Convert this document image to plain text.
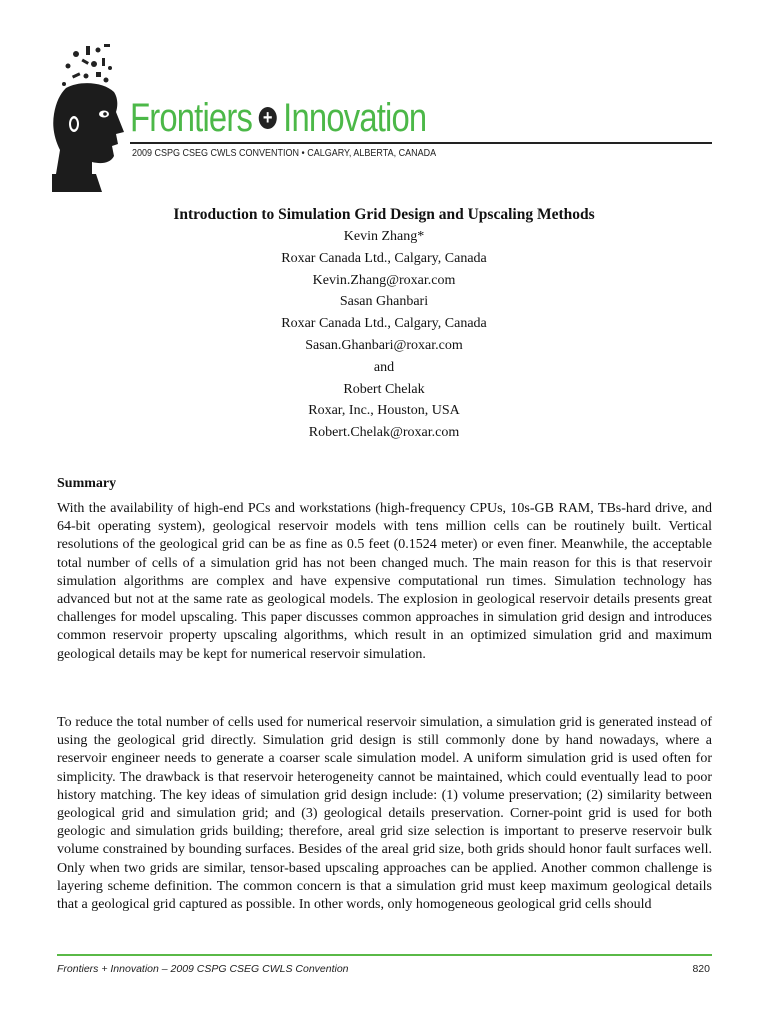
Frontiers + Innovation
2009 CSPG CSEG CWLS CONVENTION • CALGARY, ALBERTA, CANADA
Introduction to Simulation Grid Design and Upscaling Methods
Kevin Zhang*
Roxar Canada Ltd., Calgary, Canada
Kevin.Zhang@roxar.com
Sasan Ghanbari
Roxar Canada Ltd., Calgary, Canada
Sasan.Ghanbari@roxar.com
and
Robert Chelak
Roxar, Inc., Houston, USA
Robert.Chelak@roxar.com
Summary

With the availability of high-end PCs and workstations (high-frequency CPUs, 10s-GB RAM, TBs-hard drive, and 64-bit operating system), geological reservoir models with tens million cells can be routinely built. Vertical resolutions of the geological grid can be as fine as 0.5 feet (0.1524 meter) or even finer. Meanwhile, the acceptable total number of cells of a simulation grid has not been changed much. The main reason for this is that reservoir simulation algorithms are complex and have expensive computational run times. Simulation technology has advanced but not at the same rate as geological models. The explosion in geological reservoir details presents great challenges for model upscaling. This paper discusses common approaches in simulation grid design and introduces common reservoir property upscaling algorithms, which result in an optimized simulation grid and maximum geological details may be kept for numerical reservoir simulation.

To reduce the total number of cells used for numerical reservoir simulation, a simulation grid is generated instead of using the geological grid directly. Simulation grid design is still commonly done by hand nowadays, where a reservoir engineer needs to generate a coarser scale simulation model. A uniform simulation grid is used often for simplicity. The drawback is that reservoir heterogeneity cannot be maintained, which could eventually lead to poor history matching. The key ideas of simulation grid design include: (1) volume preservation; (2) similarity between geological grid and simulation grid; and (3) geological details preservation. Corner-point grid is used for both geologic and simulation grids building; therefore, areal grid size selection is important to preserve reservoir bulk volume constrained by bounding surfaces. Besides of the areal grid size, both grids should honor fault surfaces well. Only when two grids are similar, tensor-based upscaling approaches can be applied. Another common challenge is layering scheme definition. The common concern is that a simulation grid must keep maximum geological details that a geological grid captured as possible. In other words, only homogeneous geological grid cells should

Frontiers + Innovation – 2009 CSPG CSEG CWLS Convention	820
